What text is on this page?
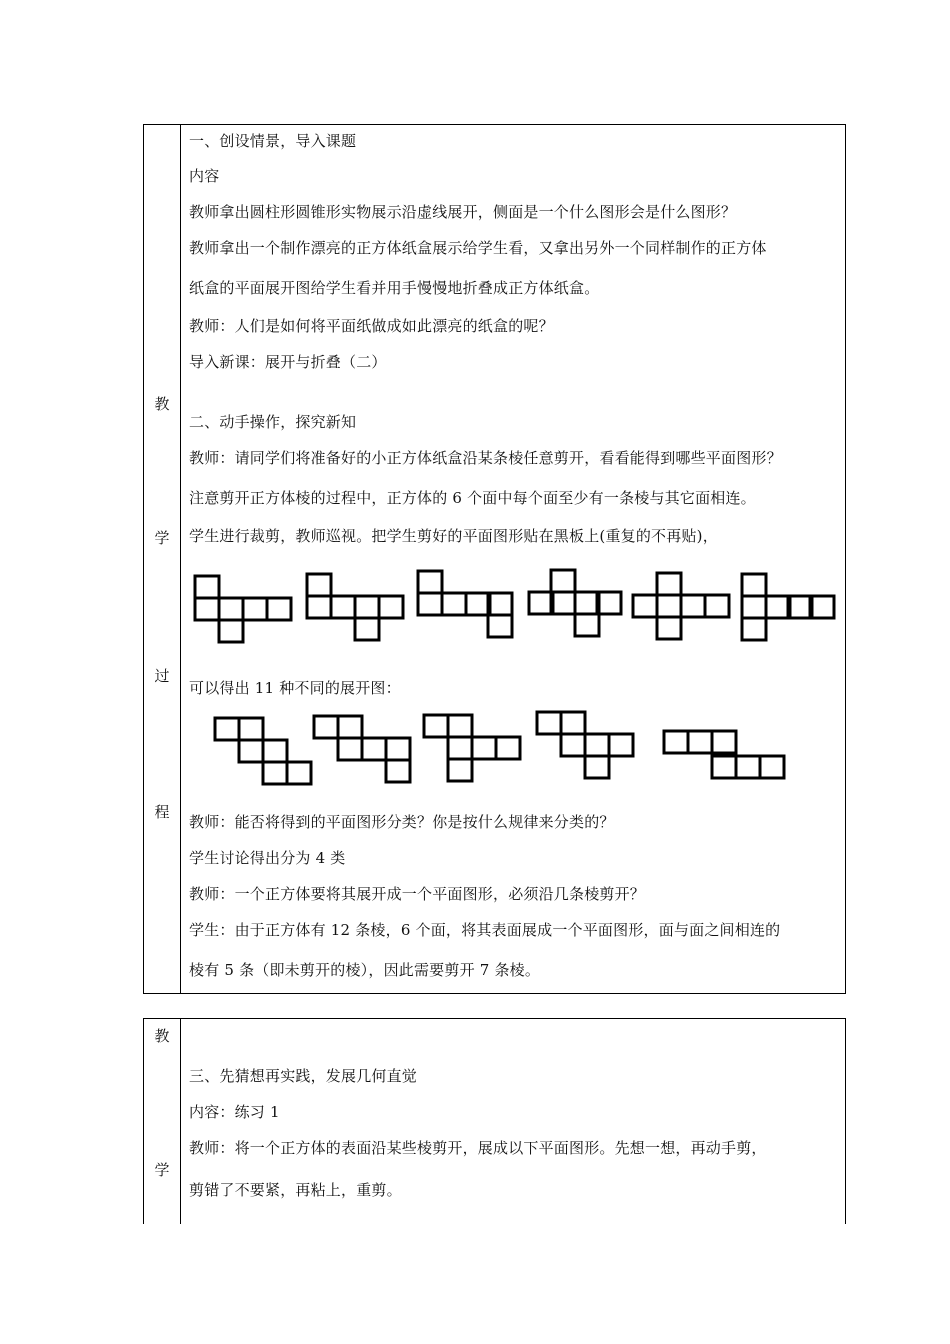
教
学
过
程
一、创设情景，导入课题
内容
教师拿出圆柱形圆锥形实物展示沿虚线展开，侧面是一个什么图形会是什么图形？
教师拿出一个制作漂亮的正方体纸盒展示给学生看，又拿出另外一个同样制作的正方体
纸盒的平面展开图给学生看并用手慢慢地折叠成正方体纸盒。
教师：人们是如何将平面纸做成如此漂亮的纸盒的呢？
导入新课：展开与折叠（二）
二、动手操作，探究新知
教师：请同学们将准备好的小正方体纸盒沿某条棱任意剪开，看看能得到哪些平面图形？
注意剪开正方体棱的过程中，正方体的 6 个面中每个面至少有一条棱与其它面相连。
学生进行裁剪，教师巡视。把学生剪好的平面图形贴在黑板上(重复的不再贴)，
可以得出 11 种不同的展开图：
教师：能否将得到的平面图形分类？你是按什么规律来分类的？
学生讨论得出分为 4 类
教师：一个正方体要将其展开成一个平面图形，必须沿几条棱剪开？
学生：由于正方体有 12 条棱，6 个面，将其表面展成一个平面图形，面与面之间相连的
棱有 5 条（即未剪开的棱），因此需要剪开 7 条棱。
教
学
三、先猜想再实践，发展几何直觉
内容：练习 1
教师：将一个正方体的表面沿某些棱剪开，展成以下平面图形。先想一想，再动手剪，
剪错了不要紧，再粘上，重剪。
